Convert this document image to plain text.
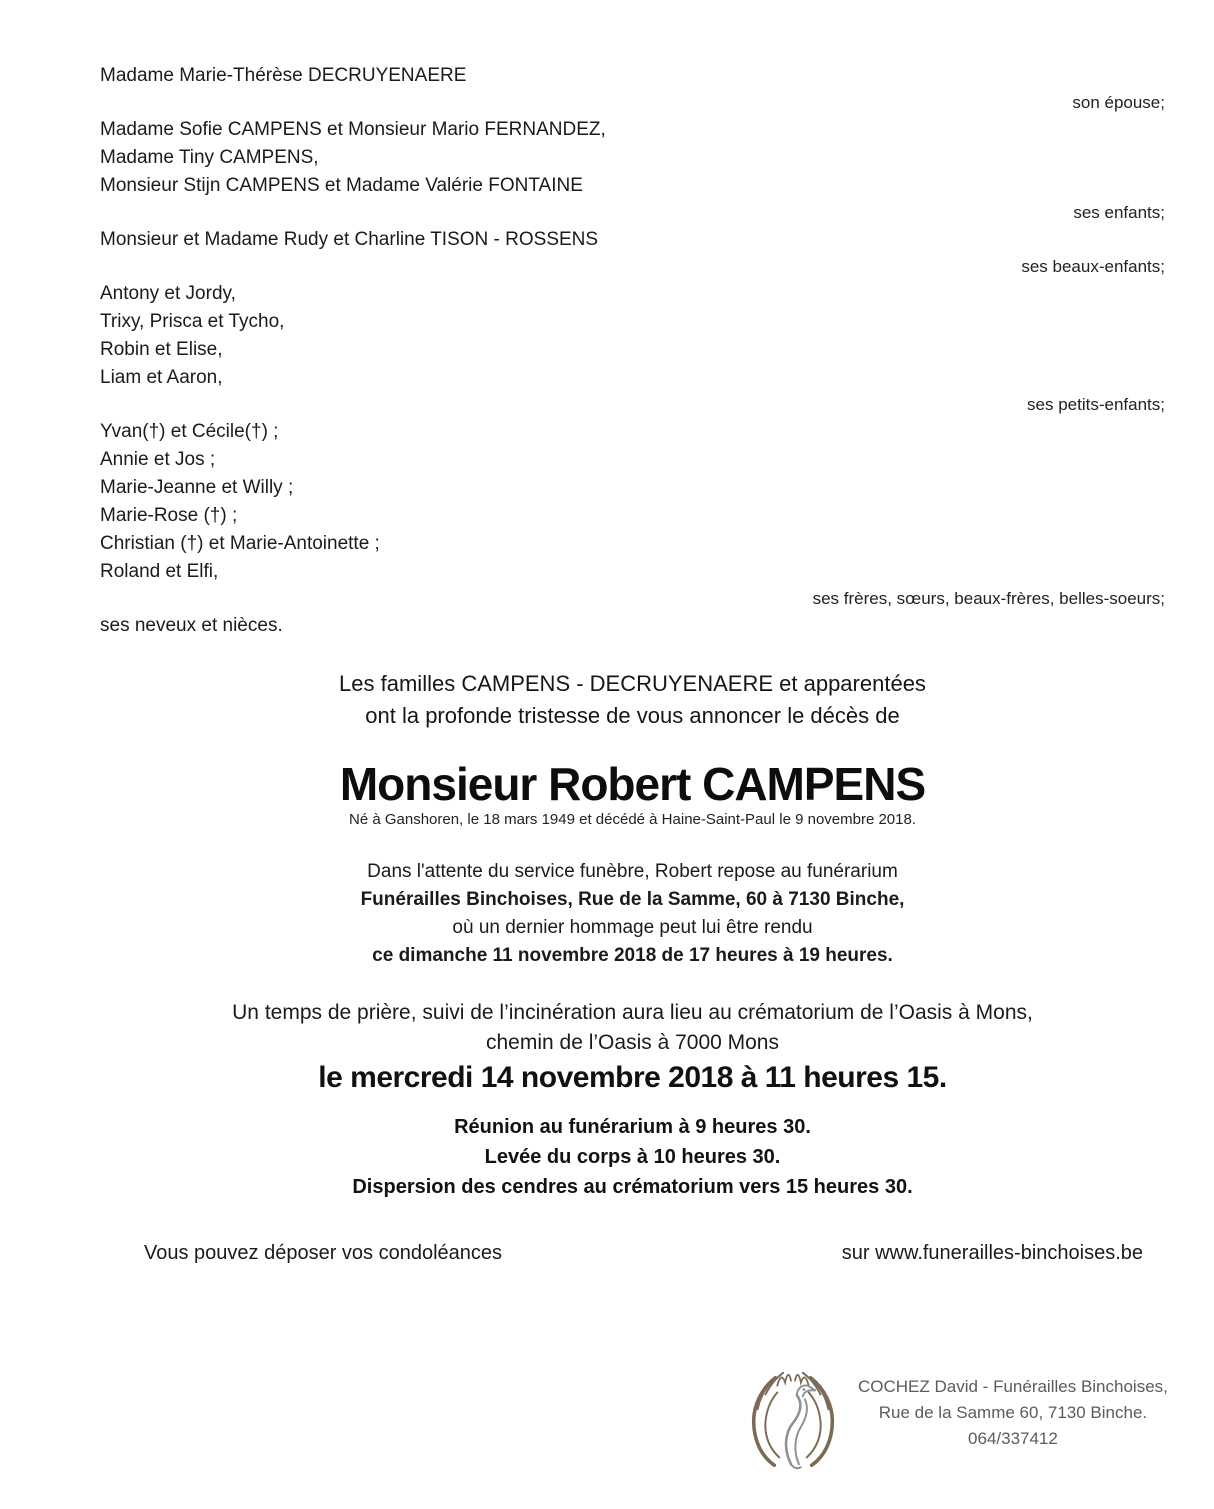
Madame Marie-Thérèse DECRUYENAERE
son épouse;
Madame Sofie CAMPENS et Monsieur Mario FERNANDEZ,
Madame Tiny CAMPENS,
Monsieur Stijn CAMPENS et Madame Valérie FONTAINE
ses enfants;
Monsieur et Madame Rudy et Charline TISON - ROSSENS
ses beaux-enfants;
Antony et Jordy,
Trixy, Prisca et Tycho,
Robin et Elise,
Liam et Aaron,
ses petits-enfants;
Yvan(†) et Cécile(†) ;
Annie et Jos ;
Marie-Jeanne et Willy ;
Marie-Rose (†) ;
Christian (†) et Marie-Antoinette ;
Roland et Elfi,
ses frères, sœurs, beaux-frères, belles-soeurs;
ses neveux et nièces.
Les familles CAMPENS - DECRUYENAERE et apparentées
ont la profonde tristesse de vous annoncer le décès de
Monsieur Robert CAMPENS
Né à Ganshoren, le 18 mars 1949 et décédé à Haine-Saint-Paul le 9 novembre 2018.
Dans l'attente du service funèbre, Robert repose au funérarium
Funérailles Binchoises, Rue de la Samme, 60 à 7130 Binche,
où un dernier hommage peut lui être rendu
ce dimanche 11 novembre 2018 de 17 heures à 19 heures.
Un temps de prière, suivi de l’incinération aura lieu au crématorium de l’Oasis à Mons,
chemin de l’Oasis à 7000 Mons
le mercredi 14 novembre 2018 à 11 heures 15.
Réunion au funérarium à 9 heures 30.
Levée du corps à 10 heures 30.
Dispersion des cendres au crématorium vers 15 heures 30.
Vous pouvez déposer vos condoléances	sur www.funerailles-binchoises.be
COCHEZ David - Funérailles Binchoises,
Rue de la Samme 60, 7130 Binche.
064/337412
